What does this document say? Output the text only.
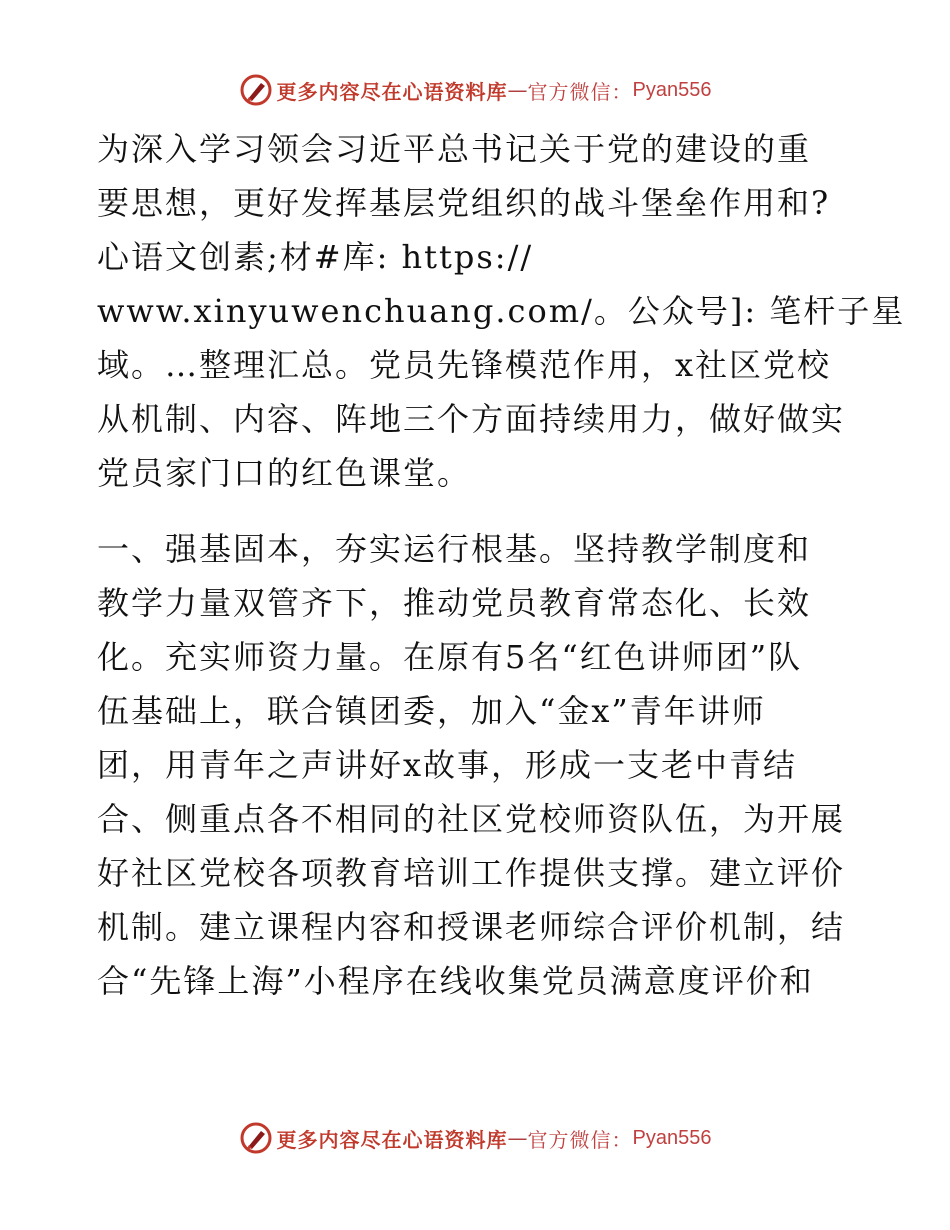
更多内容尽在心语资料库 — 官方微信： Pyan556
为深入学习领会习近平总书记关于党的建设的重
要思想，更好发挥基层党组织的战斗堡垒作用和?
心语文创素;材#库: https://
www.xinyuwenchuang.com/。公众号]: 笔杆子星
域。…整理汇总。党员先锋模范作用，x社区党校
从机制、内容、阵地三个方面持续用力，做好做实
党员家门口的红色课堂。
一、强基固本，夯实运行根基。坚持教学制度和
教学力量双管齐下，推动党员教育常态化、长效
化。充实师资力量。在原有5名“红色讲师团”队
伍基础上，联合镇团委，加入“金x”青年讲师
团，用青年之声讲好x故事，形成一支老中青结
合、侧重点各不相同的社区党校师资队伍，为开展
好社区党校各项教育培训工作提供支撑。建立评价
机制。建立课程内容和授课老师综合评价机制，结
合“先锋上海”小程序在线收集党员满意度评价和
更多内容尽在心语资料库 — 官方微信： Pyan556
